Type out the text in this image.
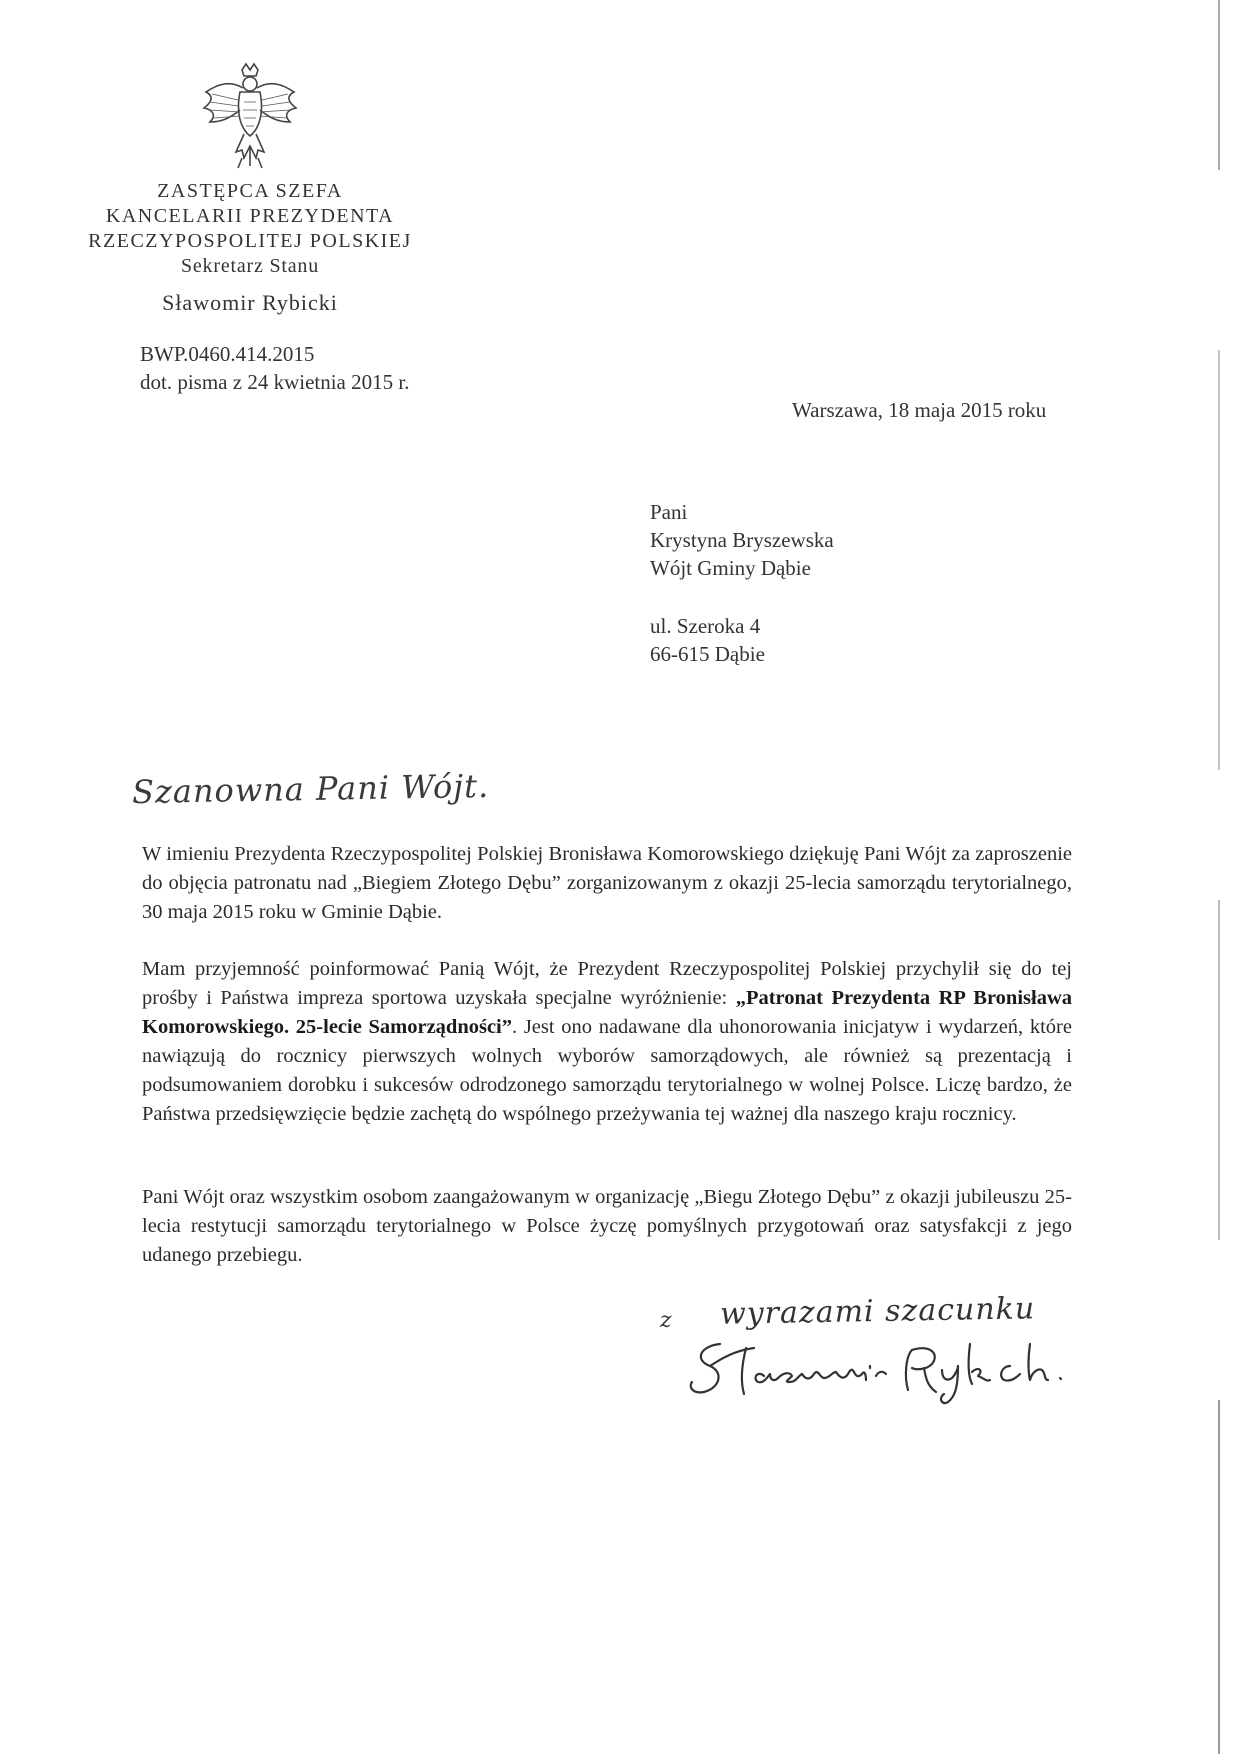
ZASTĘPCA SZEFA
KANCELARII PREZYDENTA
RZECZYPOSPOLITEJ POLSKIEJ
Sekretarz Stanu
Sławomir Rybicki
BWP.0460.414.2015
dot. pisma z 24 kwietnia 2015 r.
Warszawa, 18 maja 2015 roku
Pani
Krystyna Bryszewska
Wójt Gminy Dąbie
ul. Szeroka 4
66-615 Dąbie
Szanowna Pani Wójt.
W imieniu Prezydenta Rzeczypospolitej Polskiej Bronisława Komorowskiego dziękuję Pani Wójt za zaproszenie do objęcia patronatu nad „Biegiem Złotego Dębu” zorganizowanym z okazji 25-lecia samorządu terytorialnego, 30 maja 2015 roku w Gminie Dąbie.
Mam przyjemność poinformować Panią Wójt, że Prezydent Rzeczypospolitej Polskiej przychylił się do tej prośby i Państwa impreza sportowa uzyskała specjalne wyróżnienie: „Patronat Prezydenta RP Bronisława Komorowskiego. 25-lecie Samorządności”. Jest ono nadawane dla uhonorowania inicjatyw i wydarzeń, które nawiązują do rocznicy pierwszych wolnych wyborów samorządowych, ale również są prezentacją i podsumowaniem dorobku i sukcesów odrodzonego samorządu terytorialnego w wolnej Polsce. Liczę bardzo, że Państwa przedsięwzięcie będzie zachętą do wspólnego przeżywania tej ważnej dla naszego kraju rocznicy.
Pani Wójt oraz wszystkim osobom zaangażowanym w organizację „Biegu Złotego Dębu” z okazji jubileuszu 25-lecia restytucji samorządu terytorialnego w Polsce życzę pomyślnych przygotowań oraz satysfakcji z jego udanego przebiegu.
z wyrazami szacunku
